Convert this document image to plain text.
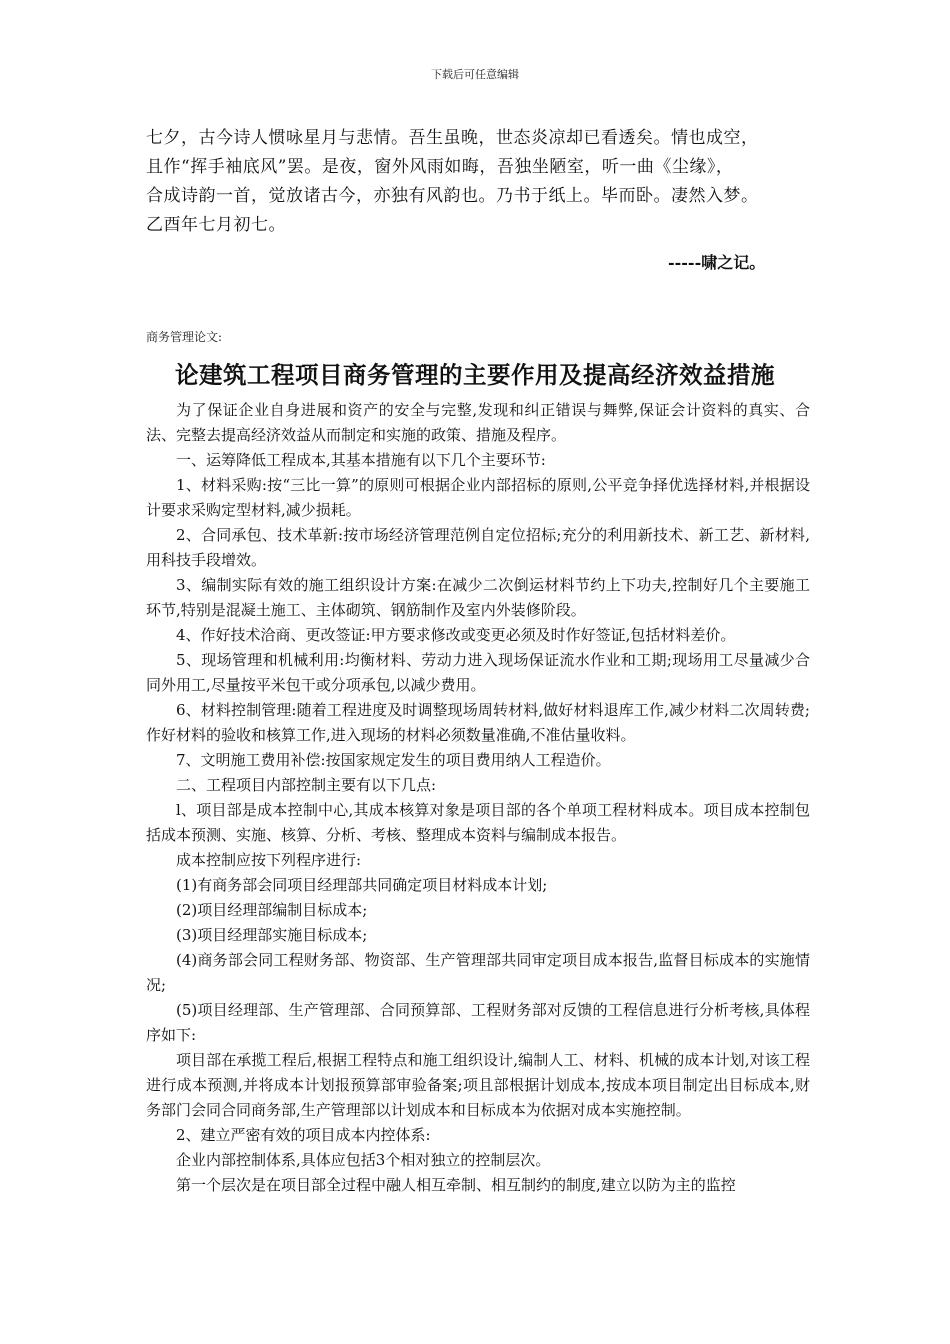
下载后可任意编辑

七夕，古今诗人惯咏星月与悲情。吾生虽晚，世态炎凉却已看透矣。情也成空，

且作“挥手袖底风”罢。是夜，窗外风雨如晦，吾独坐陋室，听一曲《尘缘》，

合成诗韵一首，觉放诸古今，亦独有风韵也。乃书于纸上。毕而卧。凄然入梦。

乙酉年七月初七。

-----啸之记。
商务管理论文:
论建筑工程项目商务管理的主要作用及提高经济效益措施

为了保证企业自身进展和资产的安全与完整,发现和纠正错误与舞弊,保证会计资料的真实、合法、完整去提高经济效益从而制定和实施的政策、措施及程序。

一、运筹降低工程成本,其基本措施有以下几个主要环节:

1、材料采购:按“三比一算”的原则可根据企业内部招标的原则,公平竞争择优选择材料,并根据设计要求采购定型材料,减少损耗。

2、合同承包、技术革新:按市场经济管理范例自定位招标;充分的利用新技术、新工艺、新材料,用科技手段增效。

3、编制实际有效的施工组织设计方案:在减少二次倒运材料节约上下功夫,控制好几个主要施工环节,特别是混凝土施工、主体砌筑、钢筋制作及室内外装修阶段。

4、作好技术洽商、更改签证:甲方要求修改或变更必须及时作好签证,包括材料差价。

5、现场管理和机械利用:均衡材料、劳动力进入现场保证流水作业和工期;现场用工尽量减少合同外用工,尽量按平米包干或分项承包,以减少费用。

6、材料控制管理:随着工程进度及时调整现场周转材料,做好材料退库工作,减少材料二次周转费;作好材料的验收和核算工作,进入现场的材料必须数量准确,不准估量收料。

7、文明施工费用补偿:按国家规定发生的项目费用纳人工程造价。

二、工程项目内部控制主要有以下几点:

l、项目部是成本控制中心,其成本核算对象是项目部的各个单项工程材料成本。项目成本控制包括成本预测、实施、核算、分析、考核、整理成本资料与编制成本报告。

成本控制应按下列程序进行:

(1)有商务部会同项目经理部共同确定项目材料成本计划;

(2)项目经理部编制目标成本;

(3)项目经理部实施目标成本;

(4)商务部会同工程财务部、物资部、生产管理部共同审定项目成本报告,监督目标成本的实施情况;

(5)项目经理部、生产管理部、合同预算部、工程财务部对反馈的工程信息进行分析考核,具体程序如下:

项目部在承揽工程后,根据工程特点和施工组织设计,编制人工、材料、机械的成本计划,对该工程进行成本预测,并将成本计划报预算部审验备案;项且部根据计划成本,按成本项目制定出目标成本,财务部门会同合同商务部,生产管理部以计划成本和目标成本为依据对成本实施控制。

2、建立严密有效的项目成本内控体系:

企业内部控制体系,具体应包括3个相对独立的控制层次。

第一个层次是在项目部全过程中融人相互牵制、相互制约的制度,建立以防为主的监控
